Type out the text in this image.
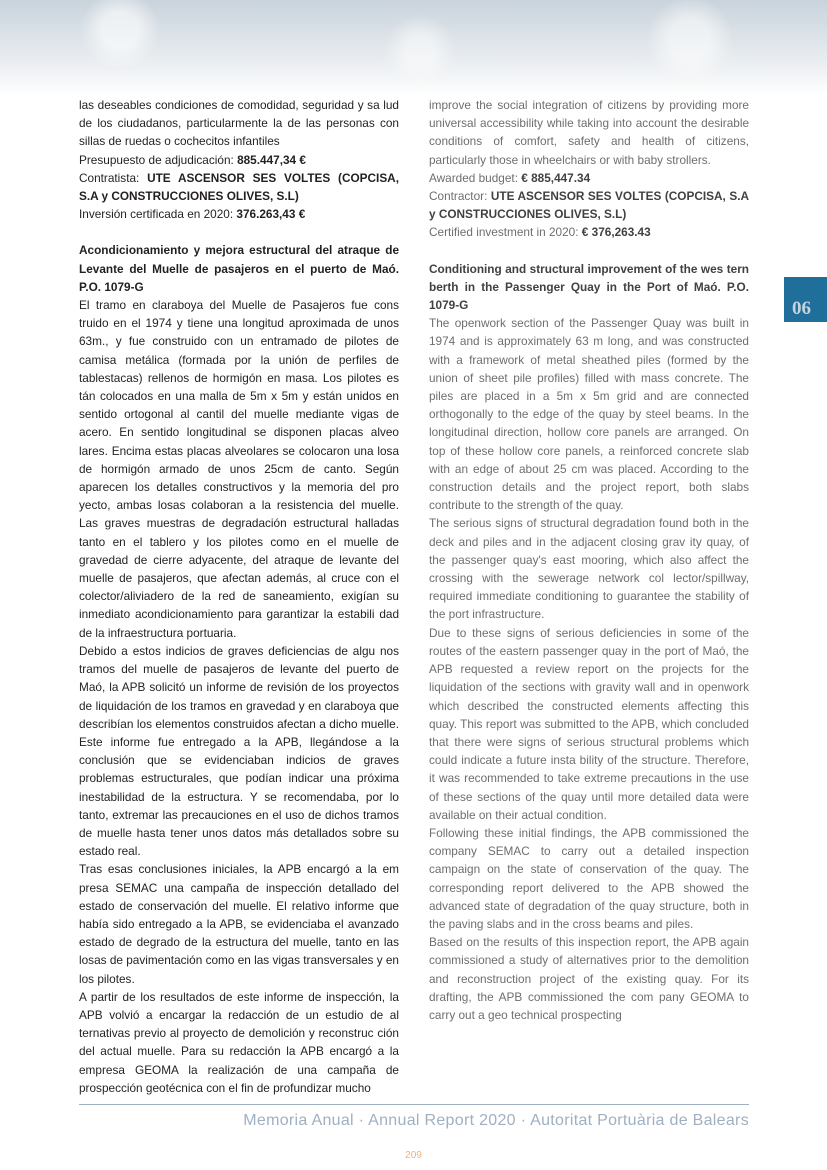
las deseables condiciones de comodidad, seguridad y sa lud de los ciudadanos, particularmente la de las personas con sillas de ruedas o cochecitos infantiles

Presupuesto de adjudicación: 885.447,34 €

Contratista: UTE ASCENSOR SES VOLTES (COPCISA, S.A y CONSTRUCCIONES OLIVES, S.L)

Inversión certificada en 2020: 376.263,43 €

Acondicionamiento y mejora estructural del atraque de Levante del Muelle de pasajeros en el puerto de Maó. P.O. 1079-G

El tramo en claraboya del Muelle de Pasajeros fue cons truido en el 1974 y tiene una longitud aproximada de unos 63m., y fue construido con un entramado de pilotes de camisa metálica (formada por la unión de perfiles de tablestacas) rellenos de hormigón en masa. Los pilotes es tán colocados en una malla de 5m x 5m y están unidos en sentido ortogonal al cantil del muelle mediante vigas de acero. En sentido longitudinal se disponen placas alveo lares. Encima estas placas alveolares se colocaron una losa de hormigón armado de unos 25cm de canto. Según aparecen los detalles constructivos y la memoria del pro yecto, ambas losas colaboran a la resistencia del muelle. Las graves muestras de degradación estructural halladas tanto en el tablero y los pilotes como en el muelle de gravedad de cierre adyacente, del atraque de levante del muelle de pasajeros, que afectan además, al cruce con el colector/aliviadero de la red de saneamiento, exigían su inmediato acondicionamiento para garantizar la estabili dad de la infraestructura portuaria.

Debido a estos indicios de graves deficiencias de algu nos tramos del muelle de pasajeros de levante del puerto de Maó, la APB solicitó un informe de revisión de los proyectos de liquidación de los tramos en gravedad y en claraboya que describían los elementos construidos afectan a dicho muelle. Este informe fue entregado a la APB, llegándose a la conclusión que se evidenciaban indicios de graves problemas estructurales, que podían indicar una próxima inestabilidad de la estructura. Y se recomendaba, por lo tanto, extremar las precauciones en el uso de dichos tramos de muelle hasta tener unos datos más detallados sobre su estado real.

Tras esas conclusiones iniciales, la APB encargó a la em presa SEMAC una campaña de inspección detallado del estado de conservación del muelle. El relativo informe que había sido entregado a la APB, se evidenciaba el avanzado estado de degrado de la estructura del muelle, tanto en las losas de pavimentación como en las vigas transversales y en los pilotes.

A partir de los resultados de este informe de inspección, la APB volvió a encargar la redacción de un estudio de al ternativas previo al proyecto de demolición y reconstruc ción del actual muelle. Para su redacción la APB encargó a la empresa GEOMA la realización de una campaña de prospección geotécnica con el fin de profundizar mucho

improve the social integration of citizens by providing more universal accessibility while taking into account the desirable conditions of comfort, safety and health of citizens, particularly those in wheelchairs or with baby strollers.

Awarded budget: € 885,447.34

Contractor: UTE ASCENSOR SES VOLTES (COPCISA, S.A y CONSTRUCCIONES OLIVES, S.L)

Certified investment in 2020: € 376,263.43

Conditioning and structural improvement of the wes tern berth in the Passenger Quay in the Port of Maó. P.O. 1079-G

The openwork section of the Passenger Quay was built in 1974 and is approximately 63 m long, and was constructed with a framework of metal sheathed piles (formed by the union of sheet pile profiles) filled with mass concrete. The piles are placed in a 5m x 5m grid and are connected orthogonally to the edge of the quay by steel beams. In the longitudinal direction, hollow core panels are arranged. On top of these hollow core panels, a reinforced concrete slab with an edge of about 25 cm was placed. According to the construction details and the project report, both slabs contribute to the strength of the quay.

The serious signs of structural degradation found both in the deck and piles and in the adjacent closing grav ity quay, of the passenger quay's east mooring, which also affect the crossing with the sewerage network col lector/spillway, required immediate conditioning to guarantee the stability of the port infrastructure.

Due to these signs of serious deficiencies in some of the routes of the eastern passenger quay in the port of Maó, the APB requested a review report on the projects for the liquidation of the sections with gravity wall and in openwork which described the constructed elements affecting this quay. This report was submitted to the APB, which concluded that there were signs of serious structural problems which could indicate a future insta bility of the structure. Therefore, it was recommended to take extreme precautions in the use of these sections of the quay until more detailed data were available on their actual condition.

Following these initial findings, the APB commissioned the company SEMAC to carry out a detailed inspection campaign on the state of conservation of the quay. The corresponding report delivered to the APB showed the advanced state of degradation of the quay structure, both in the paving slabs and in the cross beams and piles.

Based on the results of this inspection report, the APB again commissioned a study of alternatives prior to the demolition and reconstruction project of the existing quay. For its drafting, the APB commissioned the com pany GEOMA to carry out a geo technical prospecting

06
Memoria Anual · Annual Report 2020 · Autoritat Portuària de Balears
209
